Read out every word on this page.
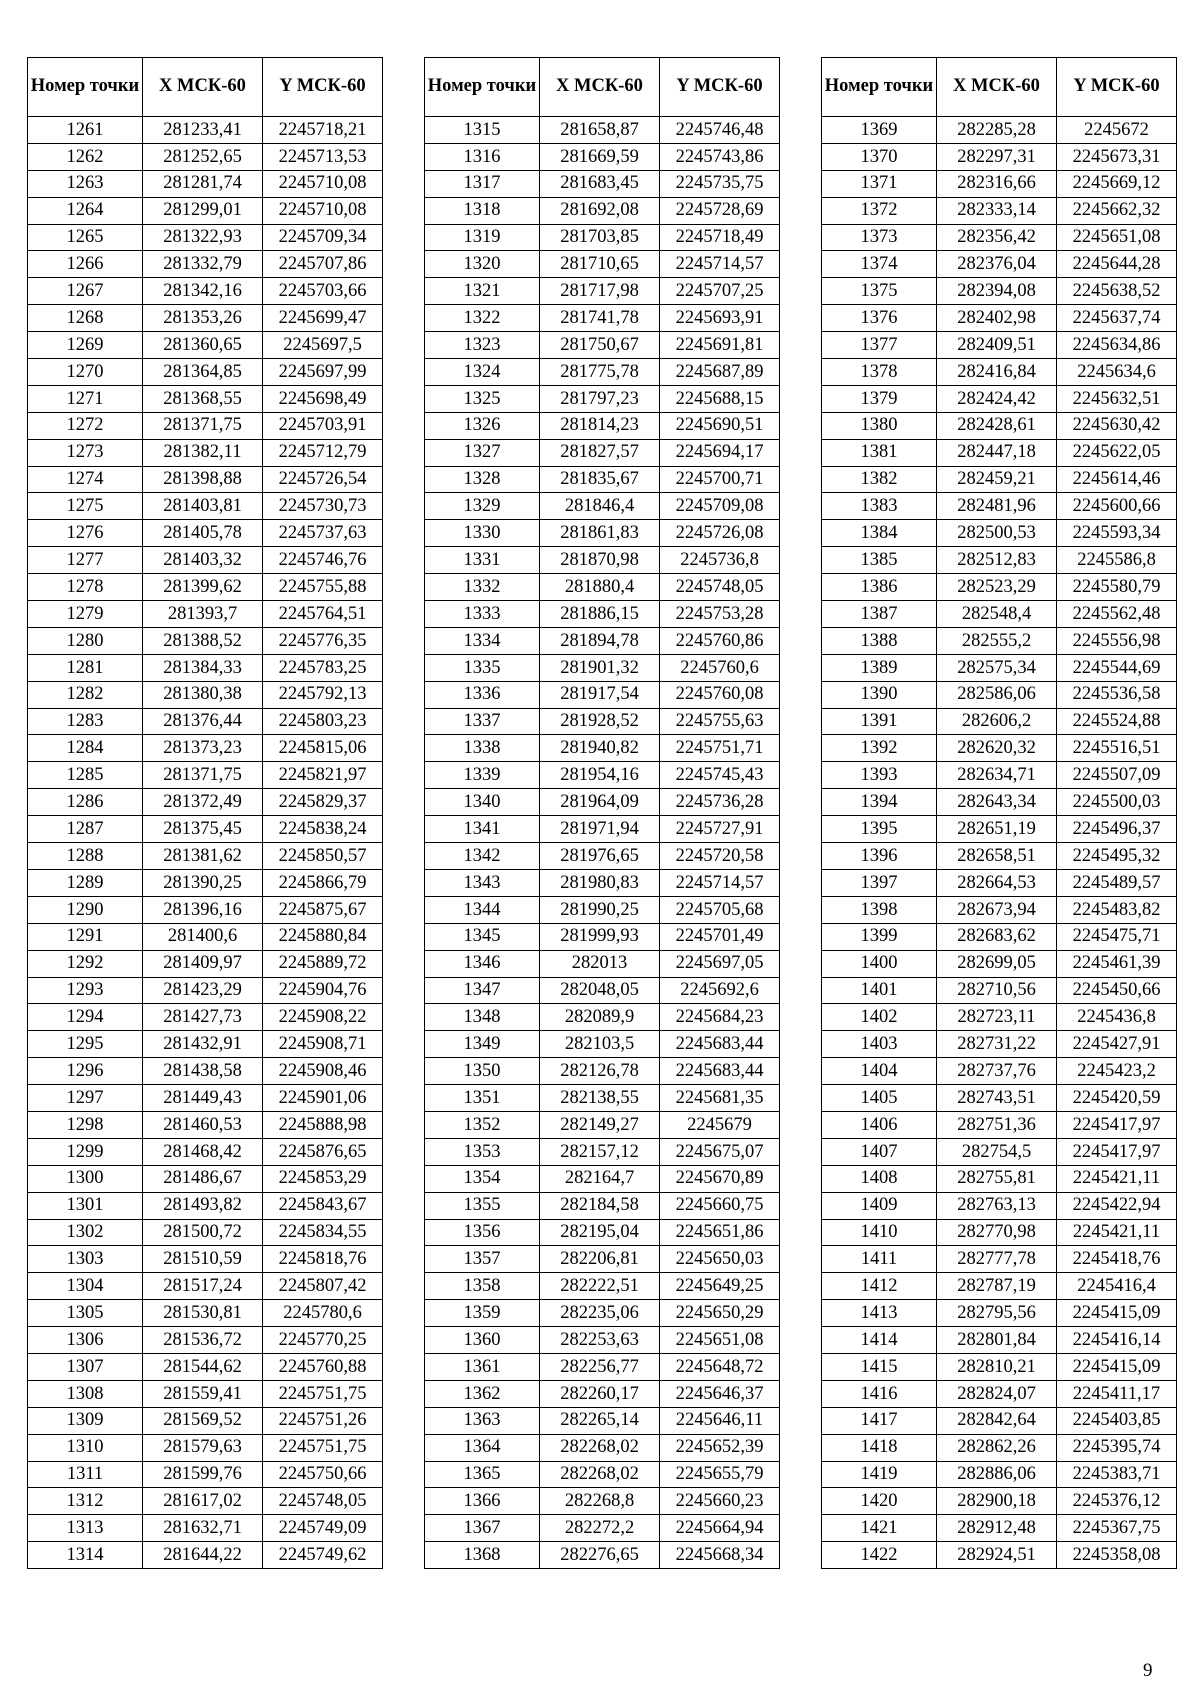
Номер точки	X МСК-60	Y МСК-60
1261	281233,41	2245718,21
1262	281252,65	2245713,53
1263	281281,74	2245710,08
1264	281299,01	2245710,08
1265	281322,93	2245709,34
1266	281332,79	2245707,86
1267	281342,16	2245703,66
1268	281353,26	2245699,47
1269	281360,65	2245697,5
1270	281364,85	2245697,99
1271	281368,55	2245698,49
1272	281371,75	2245703,91
1273	281382,11	2245712,79
1274	281398,88	2245726,54
1275	281403,81	2245730,73
1276	281405,78	2245737,63
1277	281403,32	2245746,76
1278	281399,62	2245755,88
1279	281393,7	2245764,51
1280	281388,52	2245776,35
1281	281384,33	2245783,25
1282	281380,38	2245792,13
1283	281376,44	2245803,23
1284	281373,23	2245815,06
1285	281371,75	2245821,97
1286	281372,49	2245829,37
1287	281375,45	2245838,24
1288	281381,62	2245850,57
1289	281390,25	2245866,79
1290	281396,16	2245875,67
1291	281400,6	2245880,84
1292	281409,97	2245889,72
1293	281423,29	2245904,76
1294	281427,73	2245908,22
1295	281432,91	2245908,71
1296	281438,58	2245908,46
1297	281449,43	2245901,06
1298	281460,53	2245888,98
1299	281468,42	2245876,65
1300	281486,67	2245853,29
1301	281493,82	2245843,67
1302	281500,72	2245834,55
1303	281510,59	2245818,76
1304	281517,24	2245807,42
1305	281530,81	2245780,6
1306	281536,72	2245770,25
1307	281544,62	2245760,88
1308	281559,41	2245751,75
1309	281569,52	2245751,26
1310	281579,63	2245751,75
1311	281599,76	2245750,66
1312	281617,02	2245748,05
1313	281632,71	2245749,09
1314	281644,22	2245749,62
Номер точки	X МСК-60	Y МСК-60
1315	281658,87	2245746,48
1316	281669,59	2245743,86
1317	281683,45	2245735,75
1318	281692,08	2245728,69
1319	281703,85	2245718,49
1320	281710,65	2245714,57
1321	281717,98	2245707,25
1322	281741,78	2245693,91
1323	281750,67	2245691,81
1324	281775,78	2245687,89
1325	281797,23	2245688,15
1326	281814,23	2245690,51
1327	281827,57	2245694,17
1328	281835,67	2245700,71
1329	281846,4	2245709,08
1330	281861,83	2245726,08
1331	281870,98	2245736,8
1332	281880,4	2245748,05
1333	281886,15	2245753,28
1334	281894,78	2245760,86
1335	281901,32	2245760,6
1336	281917,54	2245760,08
1337	281928,52	2245755,63
1338	281940,82	2245751,71
1339	281954,16	2245745,43
1340	281964,09	2245736,28
1341	281971,94	2245727,91
1342	281976,65	2245720,58
1343	281980,83	2245714,57
1344	281990,25	2245705,68
1345	281999,93	2245701,49
1346	282013	2245697,05
1347	282048,05	2245692,6
1348	282089,9	2245684,23
1349	282103,5	2245683,44
1350	282126,78	2245683,44
1351	282138,55	2245681,35
1352	282149,27	2245679
1353	282157,12	2245675,07
1354	282164,7	2245670,89
1355	282184,58	2245660,75
1356	282195,04	2245651,86
1357	282206,81	2245650,03
1358	282222,51	2245649,25
1359	282235,06	2245650,29
1360	282253,63	2245651,08
1361	282256,77	2245648,72
1362	282260,17	2245646,37
1363	282265,14	2245646,11
1364	282268,02	2245652,39
1365	282268,02	2245655,79
1366	282268,8	2245660,23
1367	282272,2	2245664,94
1368	282276,65	2245668,34
Номер точки	X МСК-60	Y МСК-60
1369	282285,28	2245672
1370	282297,31	2245673,31
1371	282316,66	2245669,12
1372	282333,14	2245662,32
1373	282356,42	2245651,08
1374	282376,04	2245644,28
1375	282394,08	2245638,52
1376	282402,98	2245637,74
1377	282409,51	2245634,86
1378	282416,84	2245634,6
1379	282424,42	2245632,51
1380	282428,61	2245630,42
1381	282447,18	2245622,05
1382	282459,21	2245614,46
1383	282481,96	2245600,66
1384	282500,53	2245593,34
1385	282512,83	2245586,8
1386	282523,29	2245580,79
1387	282548,4	2245562,48
1388	282555,2	2245556,98
1389	282575,34	2245544,69
1390	282586,06	2245536,58
1391	282606,2	2245524,88
1392	282620,32	2245516,51
1393	282634,71	2245507,09
1394	282643,34	2245500,03
1395	282651,19	2245496,37
1396	282658,51	2245495,32
1397	282664,53	2245489,57
1398	282673,94	2245483,82
1399	282683,62	2245475,71
1400	282699,05	2245461,39
1401	282710,56	2245450,66
1402	282723,11	2245436,8
1403	282731,22	2245427,91
1404	282737,76	2245423,2
1405	282743,51	2245420,59
1406	282751,36	2245417,97
1407	282754,5	2245417,97
1408	282755,81	2245421,11
1409	282763,13	2245422,94
1410	282770,98	2245421,11
1411	282777,78	2245418,76
1412	282787,19	2245416,4
1413	282795,56	2245415,09
1414	282801,84	2245416,14
1415	282810,21	2245415,09
1416	282824,07	2245411,17
1417	282842,64	2245403,85
1418	282862,26	2245395,74
1419	282886,06	2245383,71
1420	282900,18	2245376,12
1421	282912,48	2245367,75
1422	282924,51	2245358,08
9
